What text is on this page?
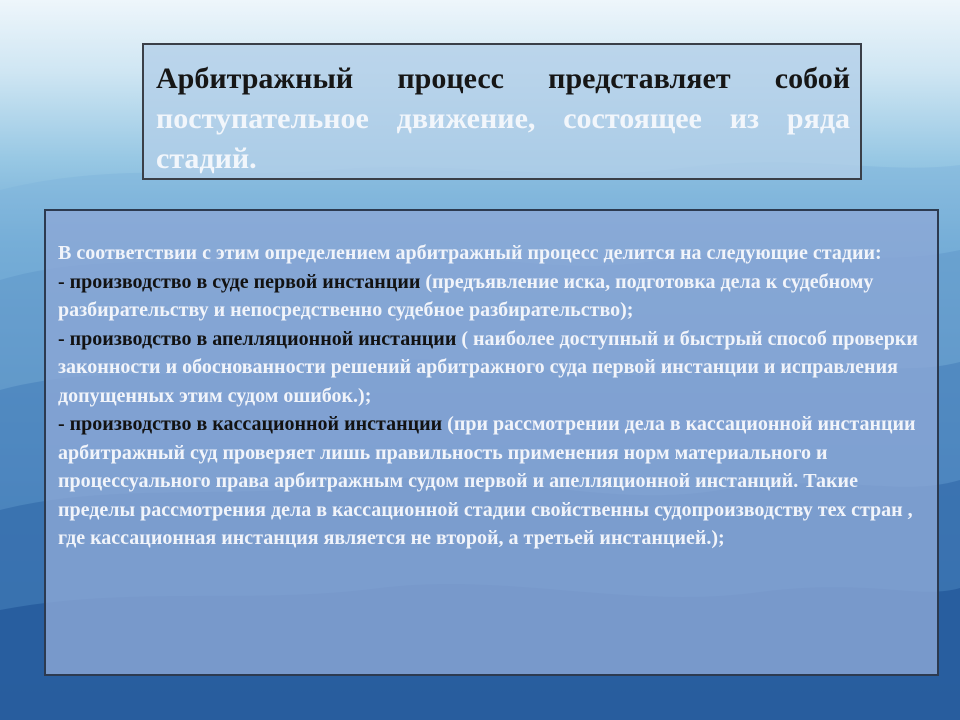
Арбитражный процесс представляет собой поступательное движение, состоящее из ряда стадий.

В соответствии с этим определением арбитражный процесс делится на следующие стадии:
- производство в суде первой инстанции (предъявление иска, подготовка дела к судебному разбирательству и непосредственно судебное разбирательство);
- производство в апелляционной инстанции ( наиболее доступный и быстрый способ проверки законности и обоснованности решений арбитражного суда первой инстанции и исправления допущенных этим судом ошибок.);
- производство в кассационной инстанции (при рассмотрении дела в кассационной инстанции арбитражный суд проверяет лишь правильность применения норм материального и процессуального права арбитражным судом первой и апелляционной инстанций. Такие пределы рассмотрения дела в кассационной стадии свойственны судопроизводству тех стран , где кассационная инстанция является не второй, а третьей инстанцией.);
